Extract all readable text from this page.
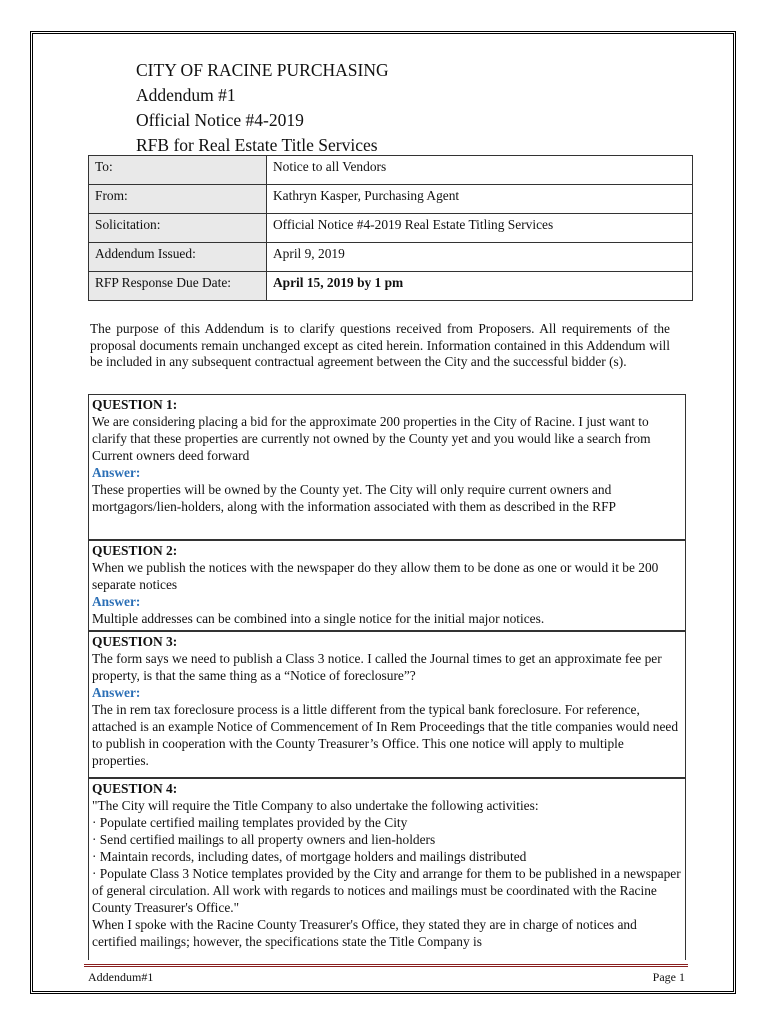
CITY OF RACINE PURCHASING
Addendum #1
Official Notice #4-2019
RFB for Real Estate Title Services
To:	Notice to all Vendors
From:	Kathryn Kasper, Purchasing Agent
Solicitation:	Official Notice #4-2019 Real Estate Titling Services
Addendum Issued:	April 9, 2019
RFP Response Due Date:	April 15, 2019 by 1 pm
The purpose of this Addendum is to clarify questions received from Proposers. All requirements of the proposal documents remain unchanged except as cited herein. Information contained in this Addendum will be included in any subsequent contractual agreement between the City and the successful bidder (s).

QUESTION 1:

We are considering placing a bid for the approximate 200 properties in the City of Racine. I just want to clarify that these properties are currently not owned by the County yet and you would like a search from Current owners deed forward

Answer:

These properties will be owned by the County yet. The City will only require current owners and mortgagors/lien-holders, along with the information associated with them as described in the RFP

QUESTION 2:

When we publish the notices with the newspaper do they allow them to be done as one or would it be 200 separate notices

Answer:

Multiple addresses can be combined into a single notice for the initial major notices.

QUESTION 3:

The form says we need to publish a Class 3 notice. I called the Journal times to get an approximate fee per property, is that the same thing as a “Notice of foreclosure”?

Answer:

The in rem tax foreclosure process is a little different from the typical bank foreclosure. For reference, attached is an example Notice of Commencement of In Rem Proceedings that the title companies would need to publish in cooperation with the County Treasurer’s Office. This one notice will apply to multiple properties.

QUESTION 4:

"The City will require the Title Company to also undertake the following activities:

· Populate certified mailing templates provided by the City

· Send certified mailings to all property owners and lien-holders

· Maintain records, including dates, of mortgage holders and mailings distributed

· Populate Class 3 Notice templates provided by the City and arrange for them to be published in a newspaper of general circulation. All work with regards to notices and mailings must be coordinated with the Racine County Treasurer's Office."

When I spoke with the Racine County Treasurer's Office, they stated they are in charge of notices and certified mailings; however, the specifications state the Title Company is

Addendum#1	Page 1
